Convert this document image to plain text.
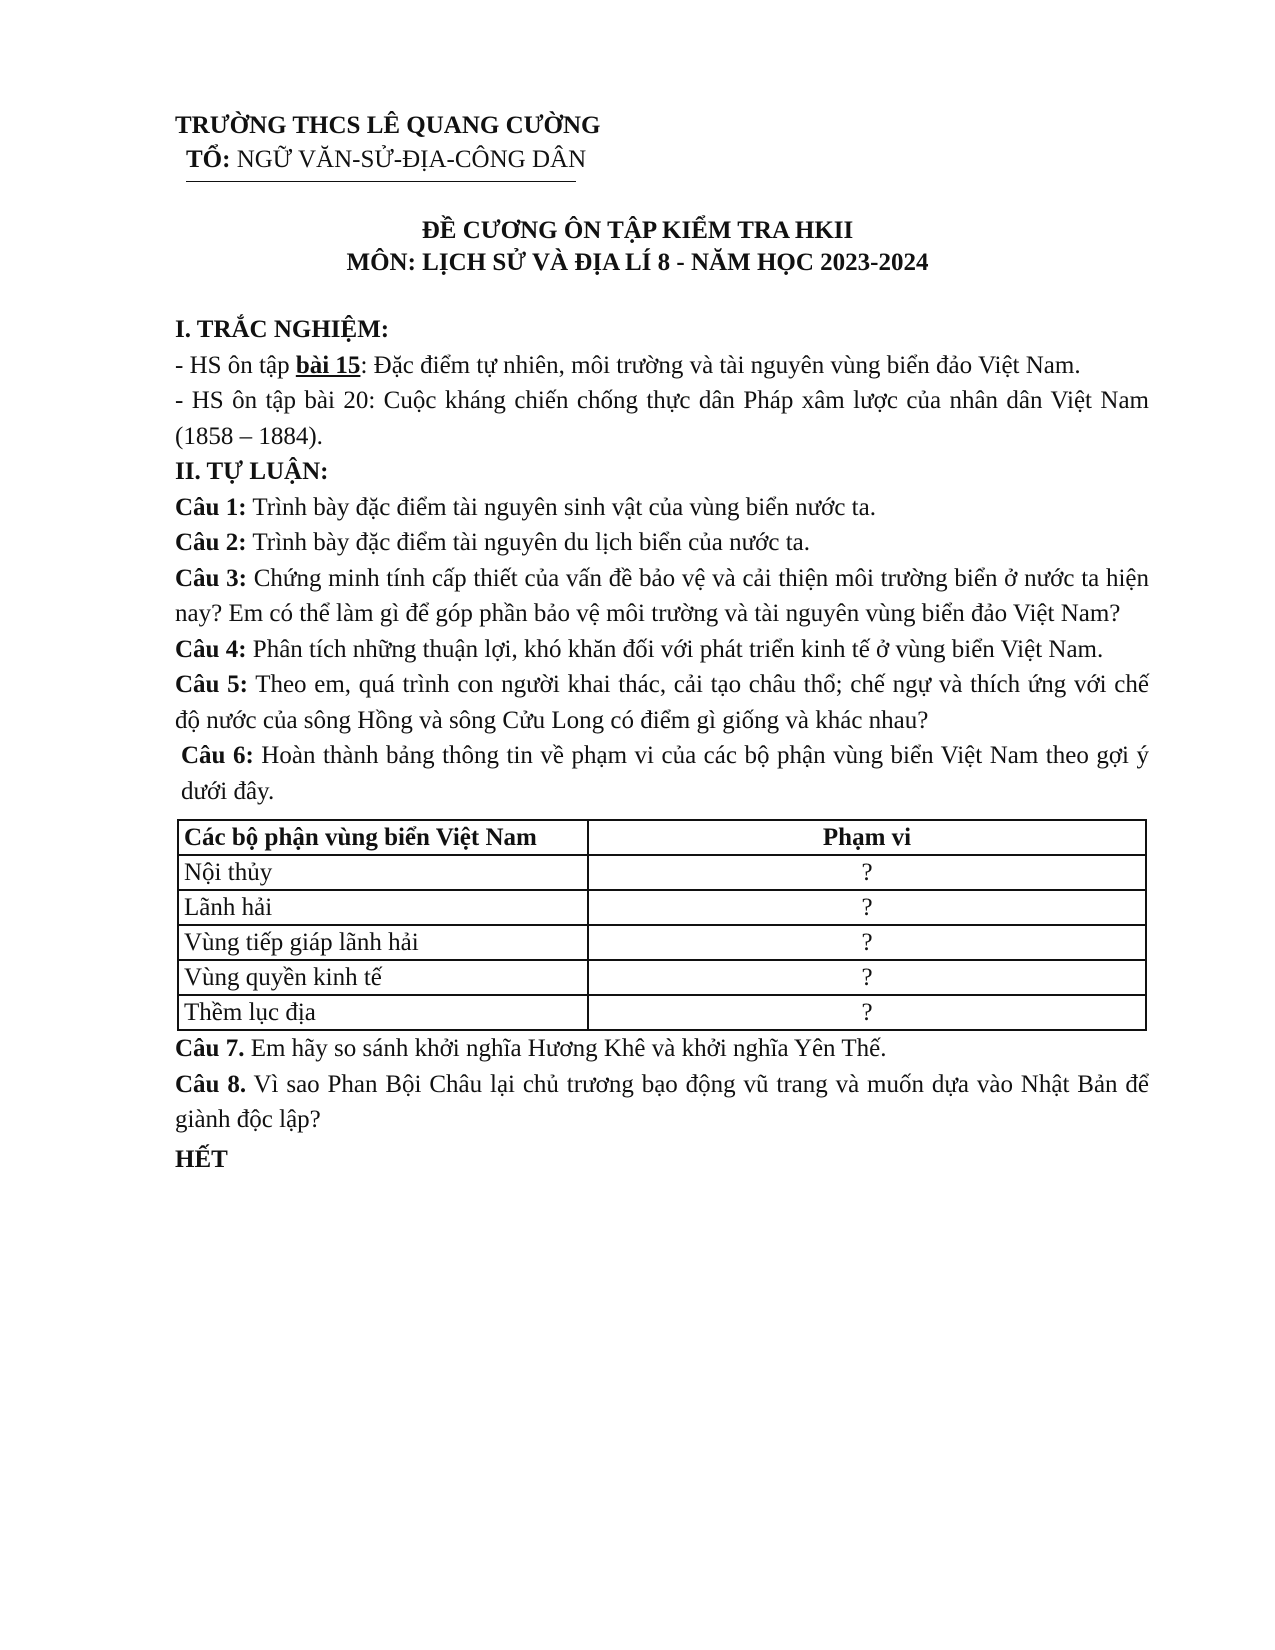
TRƯỜNG THCS LÊ QUANG CƯỜNG
TỔ: NGỮ VĂN-SỬ-ĐỊA-CÔNG DÂN
ĐỀ CƯƠNG ÔN TẬP KIỂM TRA HKII
MÔN: LỊCH SỬ VÀ ĐỊA LÍ 8 - NĂM HỌC 2023-2024

I. TRẮC NGHIỆM:

- HS ôn tập bài 15: Đặc điểm tự nhiên, môi trường và tài nguyên vùng biển đảo Việt Nam.

- HS ôn tập bài 20: Cuộc kháng chiến chống thực dân Pháp xâm lược của nhân dân Việt Nam (1858 – 1884).

II. TỰ LUẬN:

Câu 1: Trình bày đặc điểm tài nguyên sinh vật của vùng biển nước ta.

Câu 2: Trình bày đặc điểm tài nguyên du lịch biển của nước ta.

Câu 3: Chứng minh tính cấp thiết của vấn đề bảo vệ và cải thiện môi trường biển ở nước ta hiện nay? Em có thể làm gì để góp phần bảo vệ môi trường và tài nguyên vùng biển đảo Việt Nam?

Câu 4: Phân tích những thuận lợi, khó khăn đối với phát triển kinh tế ở vùng biển Việt Nam.

Câu 5: Theo em, quá trình con người khai thác, cải tạo châu thổ; chế ngự và thích ứng với chế độ nước của sông Hồng và sông Cửu Long có điểm gì giống và khác nhau?

Câu 6: Hoàn thành bảng thông tin về phạm vi của các bộ phận vùng biển Việt Nam theo gợi ý dưới đây.

Các bộ phận vùng biển Việt Nam	Phạm vi
Nội thủy	?
Lãnh hải	?
Vùng tiếp giáp lãnh hải	?
Vùng quyền kinh tế	?
Thềm lục địa	?

Câu 7. Em hãy so sánh khởi nghĩa Hương Khê và khởi nghĩa Yên Thế.

Câu 8. Vì sao Phan Bội Châu lại chủ trương bạo động vũ trang và muốn dựa vào Nhật Bản để giành độc lập?

HẾT
